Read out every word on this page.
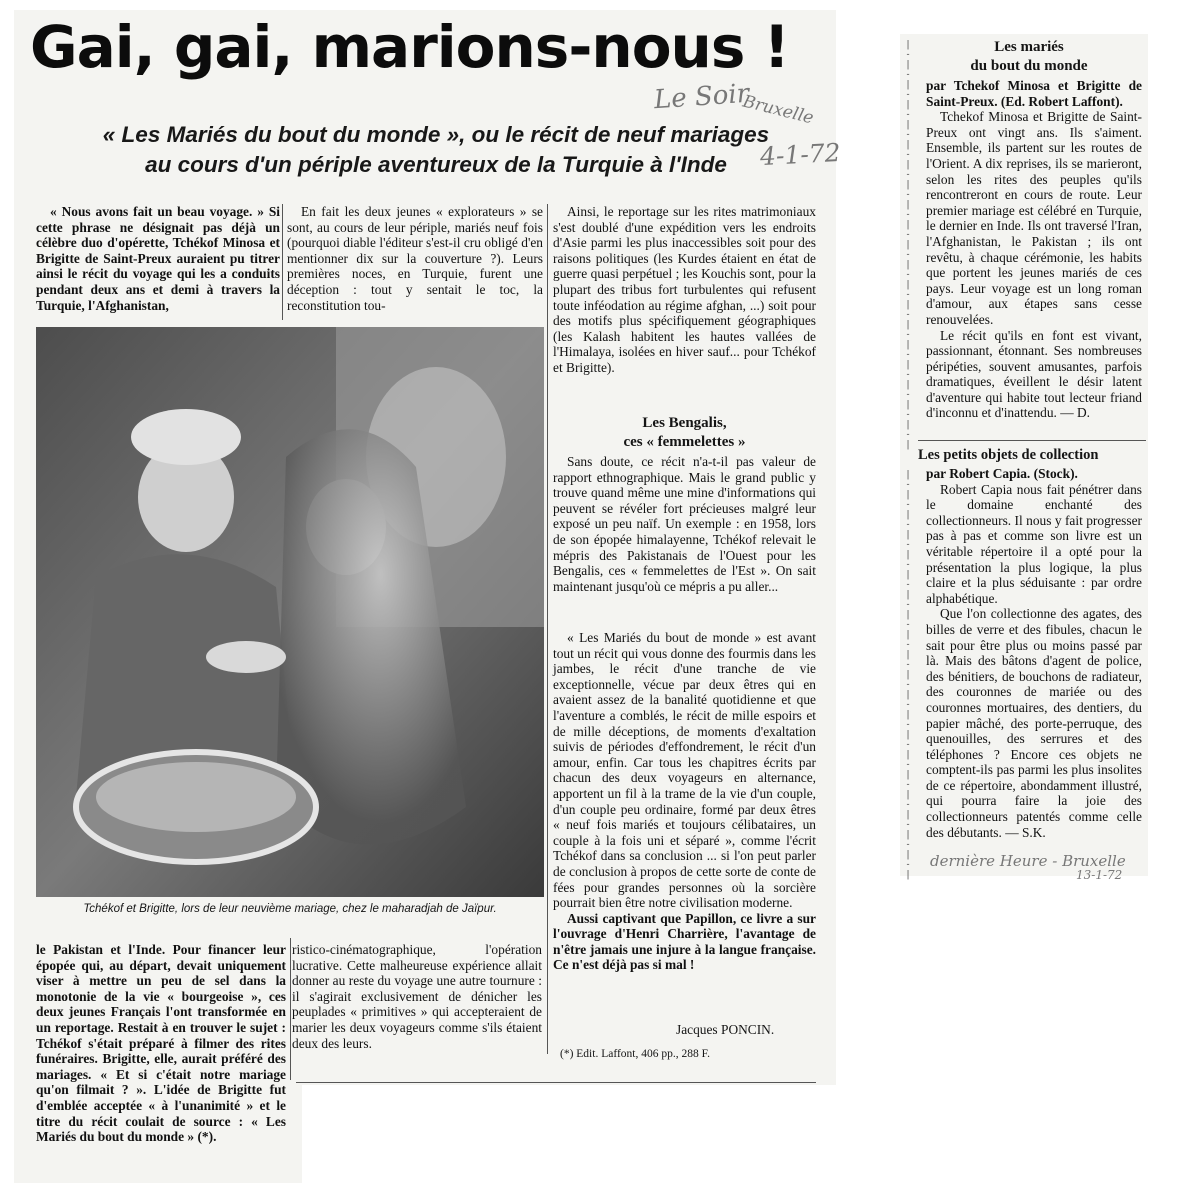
Gai, gai, marions-nous !
Le Soir
Bruxelle
4-1-72
« Les Mariés du bout du monde », ou le récit de neuf mariages
au cours d'un périple aventureux de la Turquie à l'Inde

« Nous avons fait un beau voyage. » Si cette phrase ne désignait pas déjà un célèbre duo d'opérette, Tchékof Minosa et Brigitte de Saint-Preux auraient pu titrer ainsi le récit du voyage qui les a conduits pendant deux ans et demi à travers la Turquie, l'Afghanistan,

En fait les deux jeunes « explorateurs » se sont, au cours de leur périple, mariés neuf fois (pourquoi diable l'éditeur s'est-il cru obligé d'en mentionner dix sur la couverture ?). Leurs premières noces, en Turquie, furent une déception : tout y sentait le toc, la reconstitution tou-

Ainsi, le reportage sur les rites matrimoniaux s'est doublé d'une expédition vers les endroits d'Asie parmi les plus inaccessibles soit pour des raisons politiques (les Kurdes étaient en état de guerre quasi perpétuel ; les Kouchis sont, pour la plupart des tribus fort turbulentes qui refusent toute inféodation au régime afghan, ...) soit pour des motifs plus spécifiquement géographiques (les Kalash habitent les hautes vallées de l'Himalaya, isolées en hiver sauf... pour Tchékof et Brigitte).

Les Bengalis,
ces « femmelettes »

Sans doute, ce récit n'a-t-il pas valeur de rapport ethnographique. Mais le grand public y trouve quand même une mine d'informations qui peuvent se révéler fort précieuses malgré leur exposé un peu naïf. Un exemple : en 1958, lors de son épopée himalayenne, Tchékof relevait le mépris des Pakistanais de l'Ouest pour les Bengalis, ces « femmelettes de l'Est ». On sait maintenant jusqu'où ce mépris a pu aller...

« Les Mariés du bout de monde » est avant tout un récit qui vous donne des fourmis dans les jambes, le récit d'une tranche de vie exceptionnelle, vécue par deux êtres qui en avaient assez de la banalité quotidienne et que l'aventure a comblés, le récit de mille espoirs et de mille déceptions, de moments d'exaltation suivis de périodes d'effondrement, le récit d'un amour, enfin. Car tous les chapitres écrits par chacun des deux voyageurs en alternance, apportent un fil à la trame de la vie d'un couple, d'un couple peu ordinaire, formé par deux êtres « neuf fois mariés et toujours célibataires, un couple à la fois uni et séparé », comme l'écrit Tchékof dans sa conclusion ... si l'on peut parler de conclusion à propos de cette sorte de conte de fées pour grandes personnes où la sorcière pourrait bien être notre civilisation moderne.

Aussi captivant que Papillon, ce livre a sur l'ouvrage d'Henri Charrière, l'avantage de n'être jamais une injure à la langue française. Ce n'est déjà pas si mal !

Jacques PONCIN.
(*) Edit. Laffont, 406 pp., 288 F.
Tchékof et Brigitte, lors de leur neuvième mariage, chez le maharadjah de Jaïpur.

le Pakistan et l'Inde. Pour financer leur épopée qui, au départ, devait uniquement viser à mettre un peu de sel dans la monotonie de la vie « bourgeoise », ces deux jeunes Français l'ont transformée en un reportage. Restait à en trouver le sujet : Tchékof s'était préparé à filmer des rites funéraires. Brigitte, elle, aurait préféré des mariages. « Et si c'était notre mariage qu'on filmait ? ». L'idée de Brigitte fut d'emblée acceptée « à l'unanimité » et le titre du récit coulait de source : « Les Mariés du bout du monde » (*).

ristico-cinématographique, l'opération lucrative. Cette malheureuse expérience allait donner au reste du voyage une autre tournure : il s'agirait exclusivement de dénicher les peuplades « primitives » qui accepteraient de marier les deux voyageurs comme s'ils étaient deux des leurs.

Les mariés
du bout du monde

par Tchekof Minosa et Brigitte de Saint-Preux. (Ed. Robert Laffont).

Tchekof Minosa et Brigitte de Saint-Preux ont vingt ans. Ils s'aiment. Ensemble, ils partent sur les routes de l'Orient. A dix reprises, ils se marieront, selon les rites des peuples qu'ils rencontreront en cours de route. Leur premier mariage est célébré en Turquie, le dernier en Inde. Ils ont traversé l'Iran, l'Afghanistan, le Pakistan ; ils ont revêtu, à chaque cérémonie, les habits que portent les jeunes mariés de ces pays. Leur voyage est un long roman d'amour, aux étapes sans cesse renouvelées.

Le récit qu'ils en font est vivant, passionnant, étonnant. Ses nombreuses péripéties, souvent amusantes, parfois dramatiques, éveillent le désir latent d'aventure qui habite tout lecteur friand d'inconnu et d'inattendu. — D.

Les petits objets de collection

par Robert Capia. (Stock).

Robert Capia nous fait pénétrer dans le domaine enchanté des collectionneurs. Il nous y fait progresser pas à pas et comme son livre est un véritable répertoire il a opté pour la présentation la plus logique, la plus claire et la plus séduisante : par ordre alphabétique.

Que l'on collectionne des agates, des billes de verre et des fibules, chacun le sait pour être plus ou moins passé par là. Mais des bâtons d'agent de police, des bénitiers, de bouchons de radiateur, des couronnes de mariée ou des couronnes mortuaires, des dentiers, du papier mâché, des porte-perruque, des quenouilles, des serrures et des téléphones ? Encore ces objets ne comptent-ils pas parmi les plus insolites de ce répertoire, abondamment illustré, qui pourra faire la joie des collectionneurs patentés comme celle des débutants. — S.K.

dernière Heure - Bruxelle
13-1-72
|
-
|
-
|
-
|
-
|
-
|
-
|
-
|
-
|
-
|
-
|
-
|
-
|
-
|
-
|
-
|
-
|
-
|
-
|
-
|
-
|
|
-
|
-
|
-
|
-
|
-
|
-
|
-
|
-
|
-
|
-
|
-
|
-
|
-
|
-
|
-
|
-
|
-
|
-
|
-
|
-
|
